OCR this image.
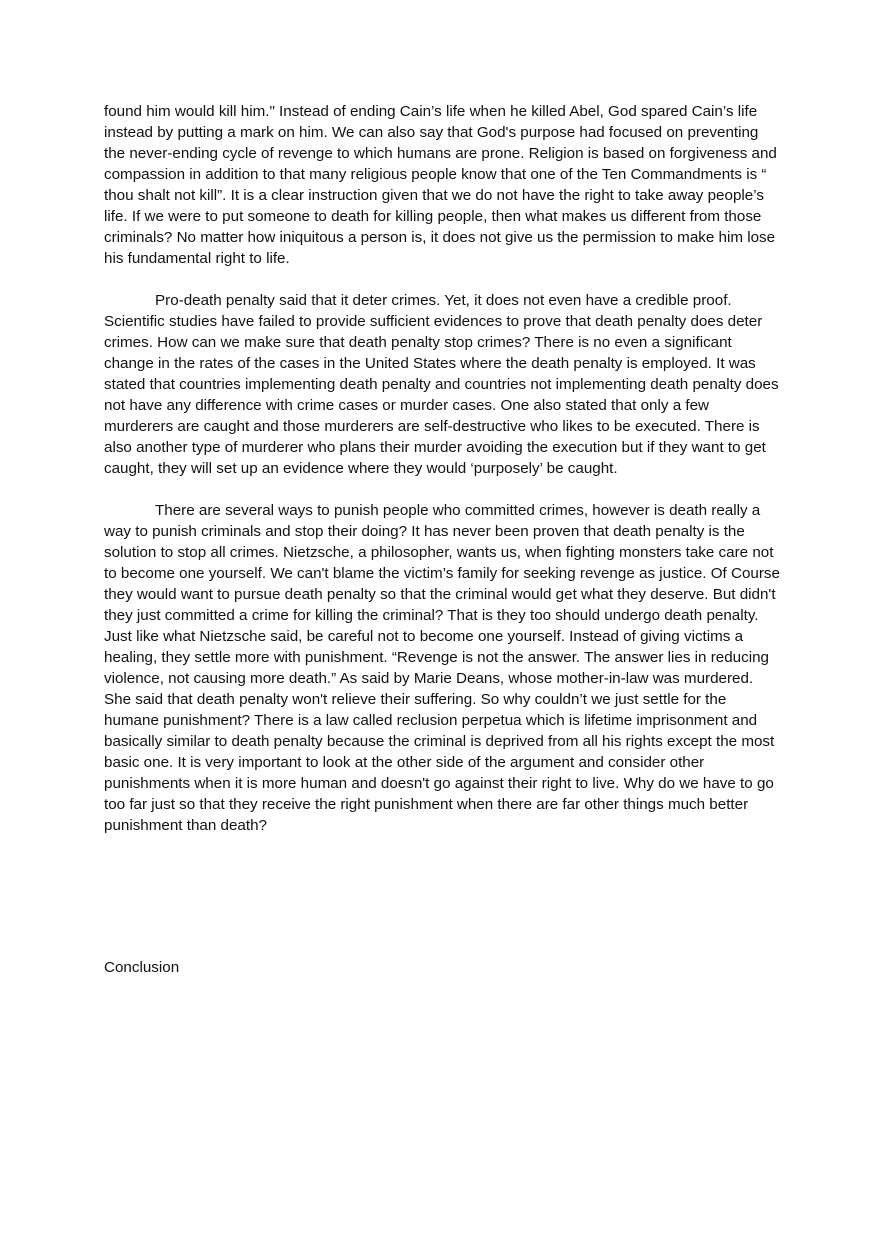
found him would kill him." Instead of ending Cain’s life when he killed Abel, God spared Cain’s life instead by putting a mark on him. We can also say that God's purpose had focused on preventing the never-ending cycle of revenge to which humans are prone. Religion is based on forgiveness and compassion in addition to that many religious people know that one of the Ten Commandments is “ thou shalt not kill”. It is a clear instruction given that we do not have the right to take away people’s life. If we were to put someone to death for killing people, then what makes us different from those criminals? No matter how iniquitous a person is, it does not give us the permission to make him lose his fundamental right to life.

Pro-death penalty said that it deter crimes. Yet, it does not even have a credible proof. Scientific studies have failed to provide sufficient evidences to prove that death penalty does deter crimes. How can we make sure that death penalty stop crimes? There is no even a significant change in the rates of the cases in the United States where the death penalty is employed. It was stated that countries implementing death penalty and countries not implementing death penalty does not have any difference with crime cases or murder cases. One also stated that only a few murderers are caught and those murderers are self-destructive who likes to be executed. There is also another type of murderer who plans their murder avoiding the execution but if they want to get caught, they will set up an evidence where they would ‘purposely’ be caught.

There are several ways to punish people who committed crimes, however is death really a way to punish criminals and stop their doing? It has never been proven that death penalty is the solution to stop all crimes. Nietzsche, a philosopher, wants us, when fighting monsters take care not to become one yourself. We can't blame the victim’s family for seeking revenge as justice. Of Course they would want to pursue death penalty so that the criminal would get what they deserve. But didn't they just committed a crime for killing the criminal? That is they too should undergo death penalty. Just like what Nietzsche said, be careful not to become one yourself. Instead of giving victims a healing, they settle more with punishment. “Revenge is not the answer. The answer lies in reducing violence, not causing more death.” As said by Marie Deans, whose mother-in-law was murdered. She said that death penalty won't relieve their suffering. So why couldn’t we just settle for the humane punishment? There is a law called reclusion perpetua which is lifetime imprisonment and basically similar to death penalty because the criminal is deprived from all his rights except the most basic one. It is very important to look at the other side of the argument and consider other punishments when it is more human and doesn't go against their right to live. Why do we have to go too far just so that they receive the right punishment when there are far other things much better punishment than death?

Conclusion
